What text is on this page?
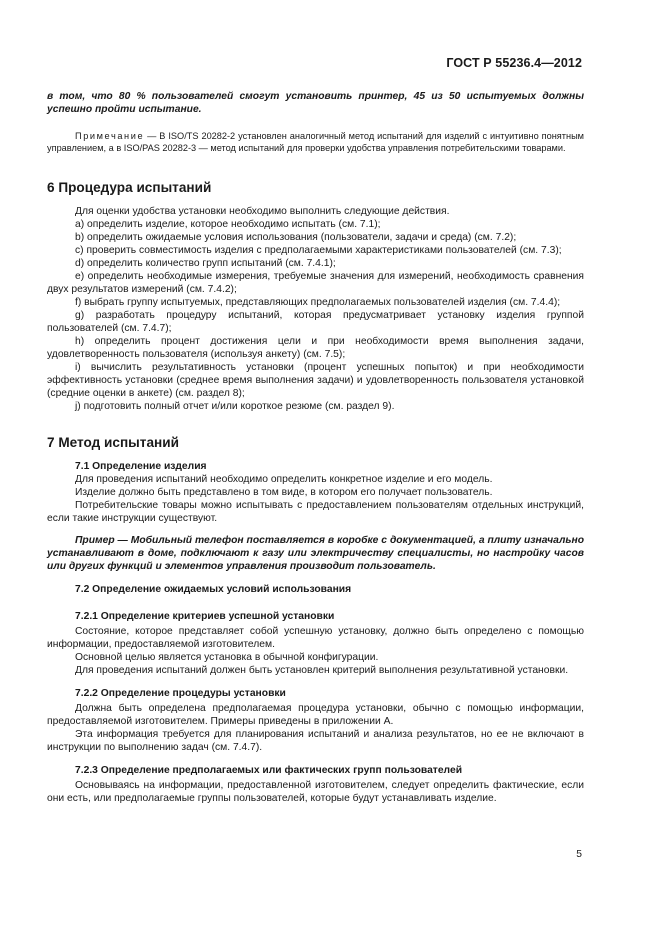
ГОСТ Р 55236.4—2012

в том, что 80 % пользователей смогут установить принтер, 45 из 50 испытуемых должны успешно пройти испытание.

Примечание — В ISO/TS 20282-2 установлен аналогичный метод испытаний для изделий с интуитивно понятным управлением, а в ISO/PAS 20282-3 — метод испытаний для проверки удобства управления потребительскими товарами.

6 Процедура испытаний

Для оценки удобства установки необходимо выполнить следующие действия.

a) определить изделие, которое необходимо испытать (см. 7.1);

b) определить ожидаемые условия использования (пользователи, задачи и среда) (см. 7.2);

c) проверить совместимость изделия с предполагаемыми характеристиками пользователей (см. 7.3);

d) определить количество групп испытаний (см. 7.4.1);

e) определить необходимые измерения, требуемые значения для измерений, необходимость сравнения двух результатов измерений (см. 7.4.2);

f) выбрать группу испытуемых, представляющих предполагаемых пользователей изделия (см. 7.4.4);

g) разработать процедуру испытаний, которая предусматривает установку изделия группой пользователей (см. 7.4.7);

h) определить процент достижения цели и при необходимости время выполнения задачи, удовлетворенность пользователя (используя анкету) (см. 7.5);

i) вычислить результативность установки (процент успешных попыток) и при необходимости эффективность установки (среднее время выполнения задачи) и удовлетворенность пользователя установкой (средние оценки в анкете) (см. раздел 8);

j) подготовить полный отчет и/или короткое резюме (см. раздел 9).

7 Метод испытаний

7.1 Определение изделия

Для проведения испытаний необходимо определить конкретное изделие и его модель.

Изделие должно быть представлено в том виде, в котором его получает пользователь.

Потребительские товары можно испытывать с предоставлением пользователям отдельных инструкций, если такие инструкции существуют.

Пример — Мобильный телефон поставляется в коробке с документацией, а плиту изначально устанавливают в доме, подключают к газу или электричеству специалисты, но настройку часов или других функций и элементов управления производит пользователь.

7.2 Определение ожидаемых условий использования

7.2.1 Определение критериев успешной установки

Состояние, которое представляет собой успешную установку, должно быть определено с помощью информации, предоставляемой изготовителем.

Основной целью является установка в обычной конфигурации.

Для проведения испытаний должен быть установлен критерий выполнения результативной установки.

7.2.2 Определение процедуры установки

Должна быть определена предполагаемая процедура установки, обычно с помощью информации, предоставляемой изготовителем. Примеры приведены в приложении А.

Эта информация требуется для планирования испытаний и анализа результатов, но ее не включают в инструкции по выполнению задач (см. 7.4.7).

7.2.3 Определение предполагаемых или фактических групп пользователей

Основываясь на информации, предоставленной изготовителем, следует определить фактические, если они есть, или предполагаемые группы пользователей, которые будут устанавливать изделие.

5
